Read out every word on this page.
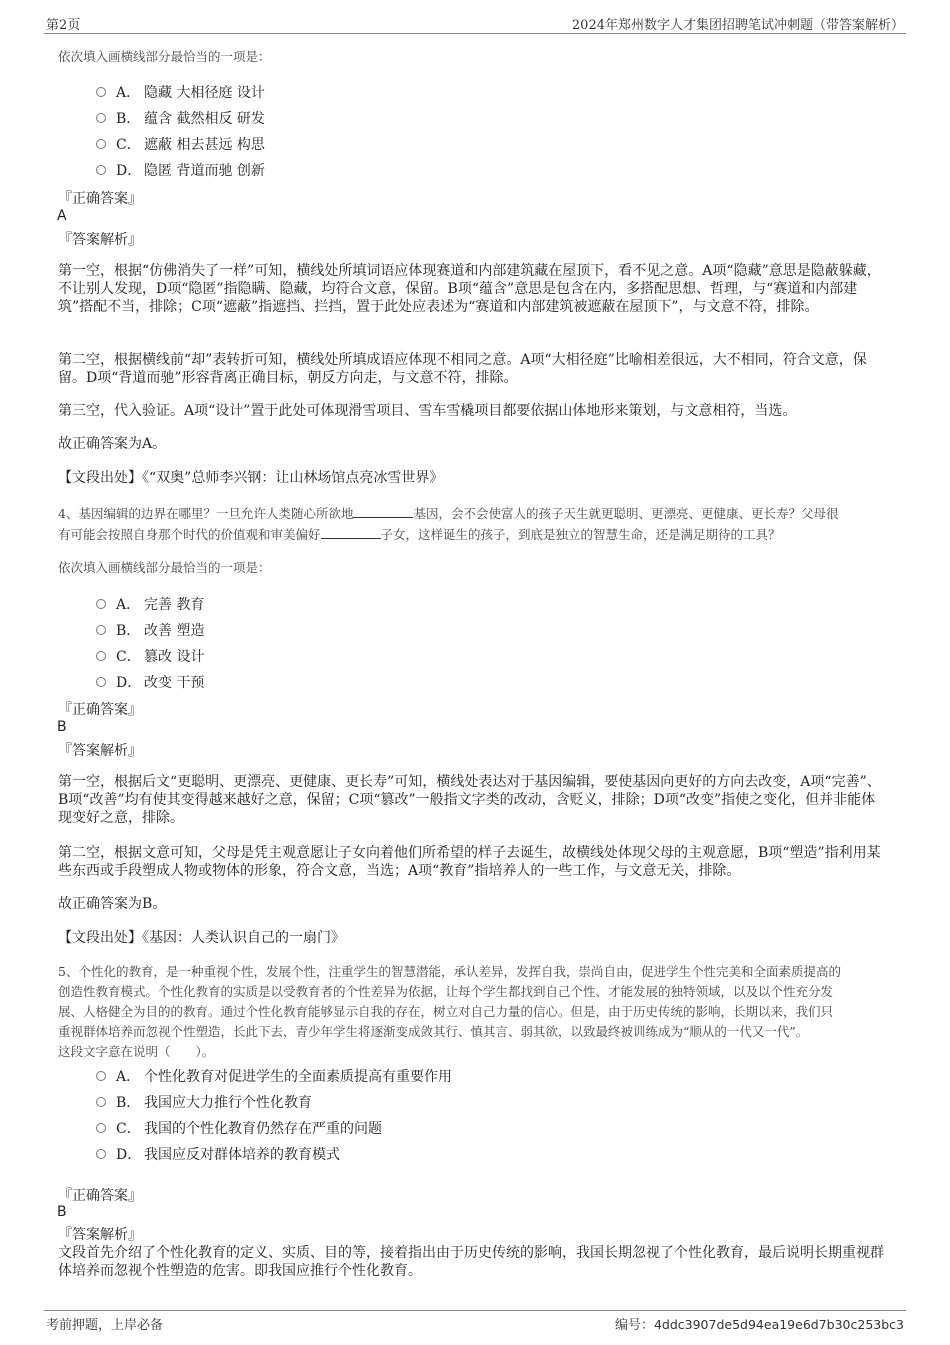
第2页	2024年郑州数字人才集团招聘笔试冲刺题（带答案解析）
依次填入画横线部分最恰当的一项是：
A． 隐藏 大相径庭 设计
B． 蕴含 截然相反 研发
C． 遮蔽 相去甚远 构思
D． 隐匿 背道而驰 创新
『正确答案』
A
『答案解析』
第一空，根据“仿佛消失了一样”可知，横线处所填词语应体现赛道和内部建筑藏在屋顶下，看不见之意。A项“隐藏”意思是隐蔽躲藏，不让别人发现，D项“隐匿”指隐瞒、隐藏，均符合文意，保留。B项“蕴含”意思是包含在内，多搭配思想、哲理，与“赛道和内部建筑”搭配不当，排除；C项“遮蔽”指遮挡、拦挡，置于此处应表述为“赛道和内部建筑被遮蔽在屋顶下”，与文意不符，排除。
第二空，根据横线前“却”表转折可知，横线处所填成语应体现不相同之意。A项“大相径庭”比喻相差很远，大不相同，符合文意，保留。D项“背道而驰”形容背离正确目标，朝反方向走，与文意不符，排除。
第三空，代入验证。A项“设计”置于此处可体现滑雪项目、雪车雪橇项目都要依据山体地形来策划，与文意相符，当选。
故正确答案为A。
【文段出处】《“双奥”总师李兴钢：让山林场馆点亮冰雪世界》
4、基因编辑的边界在哪里？一旦允许人类随心所欲地	基因，会不会使富人的孩子天生就更聪明、更漂亮、更健康、更长寿？父母很
有可能会按照自身那个时代的价值观和审美偏好	子女，这样诞生的孩子，到底是独立的智慧生命，还是满足期待的工具？
依次填入画横线部分最恰当的一项是：
A． 完善 教育
B． 改善 塑造
C． 篡改 设计
D． 改变 干预
『正确答案』
B
『答案解析』
第一空，根据后文“更聪明、更漂亮、更健康、更长寿”可知，横线处表达对于基因编辑，要使基因向更好的方向去改变，A项“完善”、B项“改善”均有使其变得越来越好之意，保留；C项“篡改”一般指文字类的改动，含贬义，排除；D项“改变”指使之变化，但并非能体现变好之意，排除。
第二空，根据文意可知，父母是凭主观意愿让子女向着他们所希望的样子去诞生，故横线处体现父母的主观意愿，B项“塑造”指利用某些东西或手段塑成人物或物体的形象，符合文意，当选；A项“教育”指培养人的一些工作，与文意无关，排除。
故正确答案为B。
【文段出处】《基因：人类认识自己的一扇门》
5、个性化的教育，是一种重视个性，发展个性，注重学生的智慧潜能，承认差异，发挥自我，崇尚自由，促进学生个性完美和全面素质提高的
创造性教育模式。个性化教育的实质是以受教育者的个性差异为依据，让每个学生都找到自己个性、才能发展的独特领域，以及以个性充分发
展、人格健全为目的的教育。通过个性化教育能够显示自我的存在，树立对自己力量的信心。但是，由于历史传统的影响，长期以来，我们只
重视群体培养而忽视个性塑造，长此下去，青少年学生将逐渐变成敛其行、慎其言、弱其欲，以致最终被训练成为“顺从的一代又一代”。
这段文字意在说明（　　）。
A． 个性化教育对促进学生的全面素质提高有重要作用
B． 我国应大力推行个性化教育
C． 我国的个性化教育仍然存在严重的问题
D． 我国应反对群体培养的教育模式
『正确答案』
B
『答案解析』
文段首先介绍了个性化教育的定义、实质、目的等，接着指出由于历史传统的影响，我国长期忽视了个性化教育，最后说明长期重视群体培养而忽视个性塑造的危害。即我国应推行个性化教育。
考前押题，上岸必备	编号：4ddc3907de5d94ea19e6d7b30c253bc3
